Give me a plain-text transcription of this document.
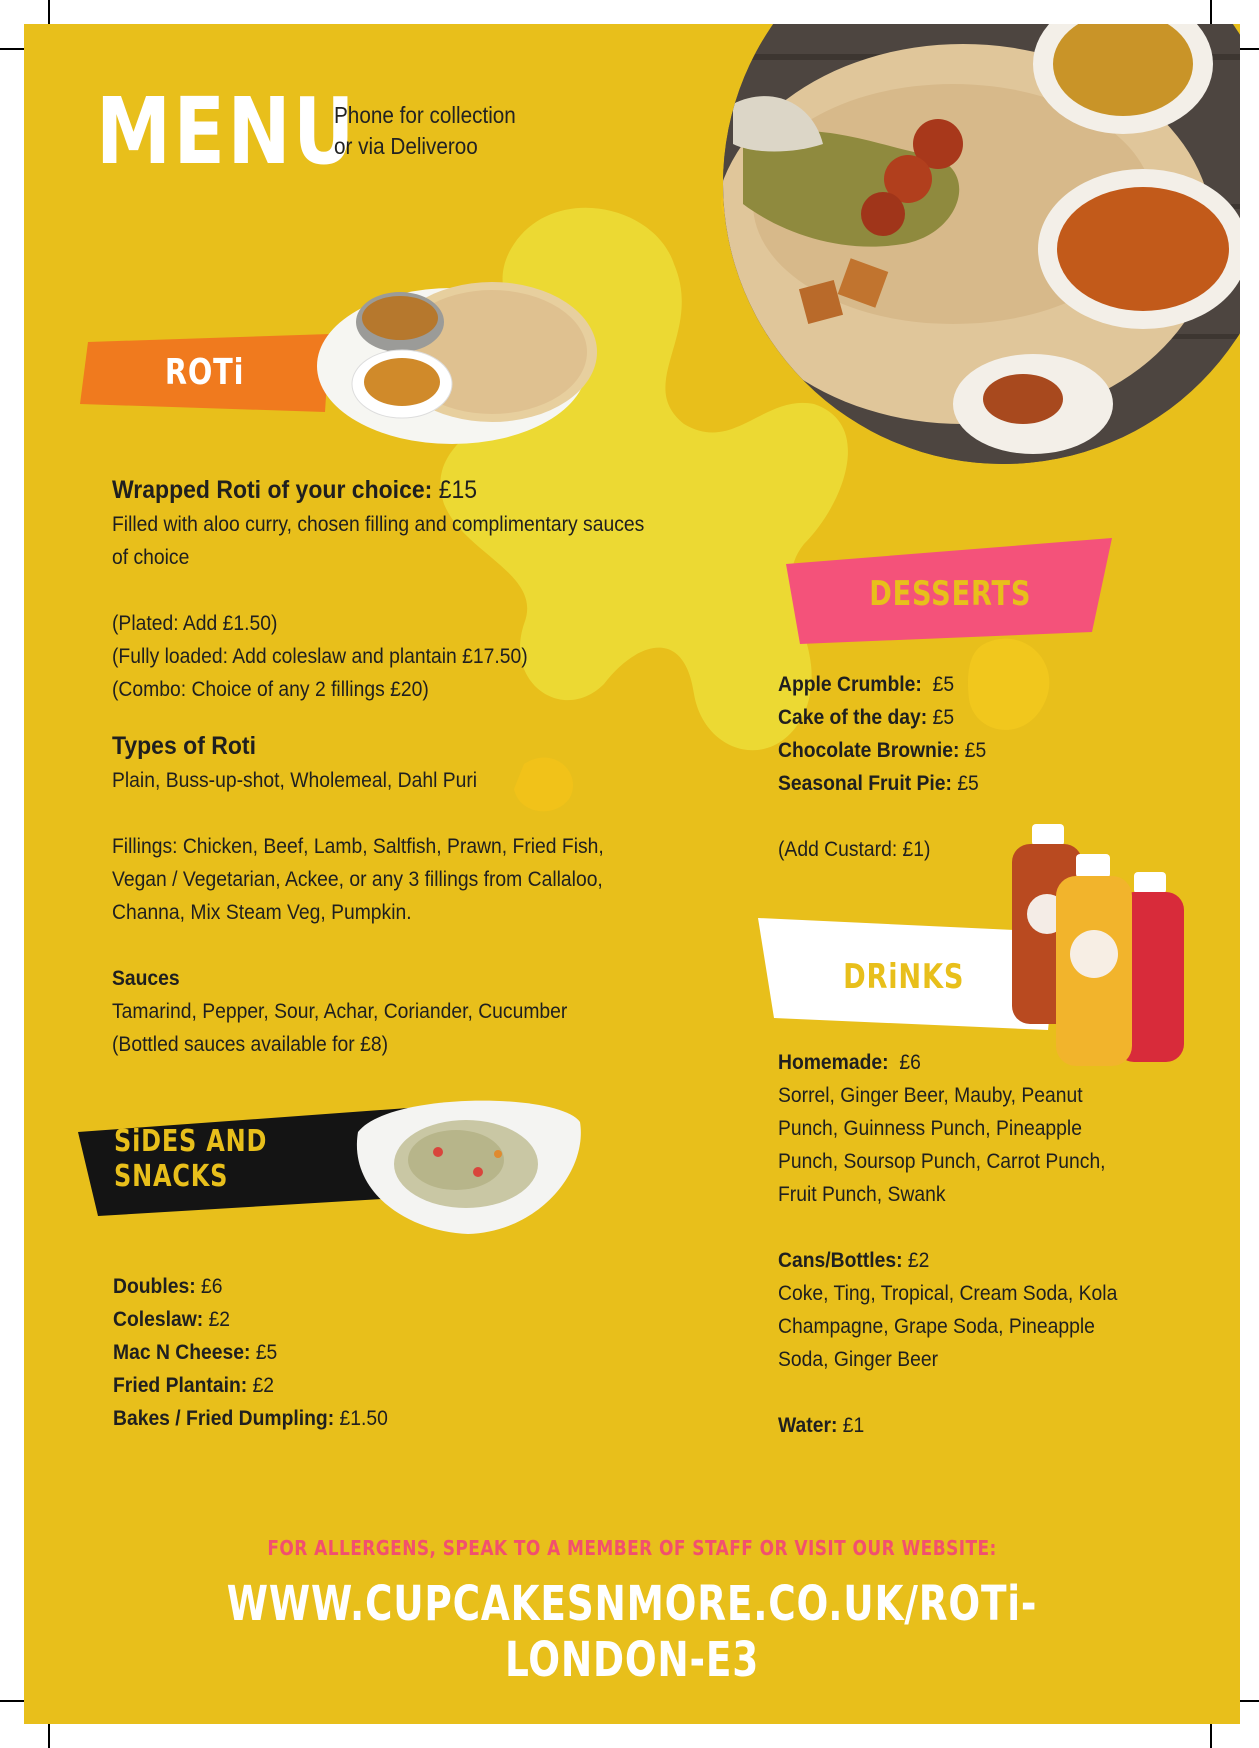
MENU
Phone for collection
or via Deliveroo
ROTi
Wrapped Roti of your choice: £15
Filled with aloo curry, chosen filling and complimentary sauces
of choice
(Plated: Add £1.50)
(Fully loaded: Add coleslaw and plantain £17.50)
(Combo: Choice of any 2 fillings £20)
Types of Roti
Plain, Buss-up-shot, Wholemeal, Dahl Puri
Fillings: Chicken, Beef, Lamb, Saltfish, Prawn, Fried Fish,
Vegan / Vegetarian, Ackee, or any 3 fillings from Callaloo,
Channa, Mix Steam Veg, Pumpkin.
Sauces
Tamarind, Pepper, Sour, Achar, Coriander, Cucumber
(Bottled sauces available for £8)
SiDES AND SNACKS
Doubles: £6
Coleslaw: £2
Mac N Cheese: £5
Fried Plantain: £2
Bakes / Fried Dumpling: £1.50
DESSERTS
Apple Crumble: £5
Cake of the day: £5
Chocolate Brownie: £5
Seasonal Fruit Pie: £5
(Add Custard: £1)
DRiNKS
Homemade: £6
Sorrel, Ginger Beer, Mauby, Peanut
Punch, Guinness Punch, Pineapple
Punch, Soursop Punch, Carrot Punch,
Fruit Punch, Swank
Cans/Bottles: £2
Coke, Ting, Tropical, Cream Soda, Kola
Champagne, Grape Soda, Pineapple
Soda, Ginger Beer
Water: £1
FOR ALLERGENS, SPEAK TO A MEMBER OF STAFF OR VISIT OUR WEBSITE:
WWW.CUPCAKESNMORE.CO.UK/ROTi-LONDON-E3
